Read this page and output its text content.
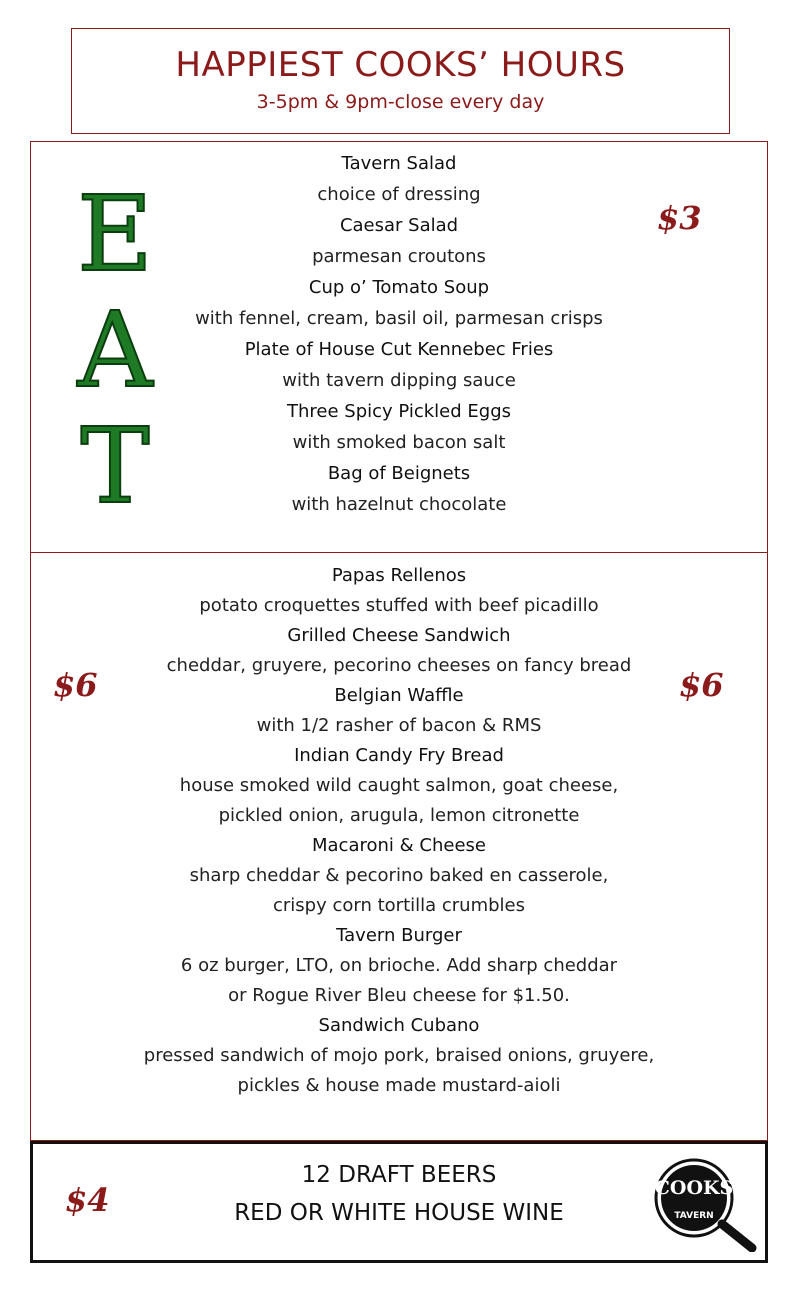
HAPPIEST COOKS’ HOURS
3-5pm & 9pm-close every day
E
A
T
$3
Tavern Salad
choice of dressing
Caesar Salad
parmesan croutons
Cup o’ Tomato Soup
with fennel, cream, basil oil, parmesan crisps
Plate of House Cut Kennebec Fries
with tavern dipping sauce
Three Spicy Pickled Eggs
with smoked bacon salt
Bag of Beignets
with hazelnut chocolate
$6	$6
Papas Rellenos
potato croquettes stuffed with beef picadillo
Grilled Cheese Sandwich
cheddar, gruyere, pecorino cheeses on fancy bread
Belgian Waffle
with 1/2 rasher of bacon & RMS
Indian Candy Fry Bread
house smoked wild caught salmon, goat cheese,
pickled onion, arugula, lemon citronette
Macaroni & Cheese
sharp cheddar & pecorino baked en casserole,
crispy corn tortilla crumbles
Tavern Burger
6 oz burger, LTO, on brioche. Add sharp cheddar
or Rogue River Bleu cheese for $1.50.
Sandwich Cubano
pressed sandwich of mojo pork, braised onions, gruyere,
pickles & house made mustard-aioli
$4
12 DRAFT BEERS
RED OR WHITE HOUSE WINE
COOKS
TAVERN
